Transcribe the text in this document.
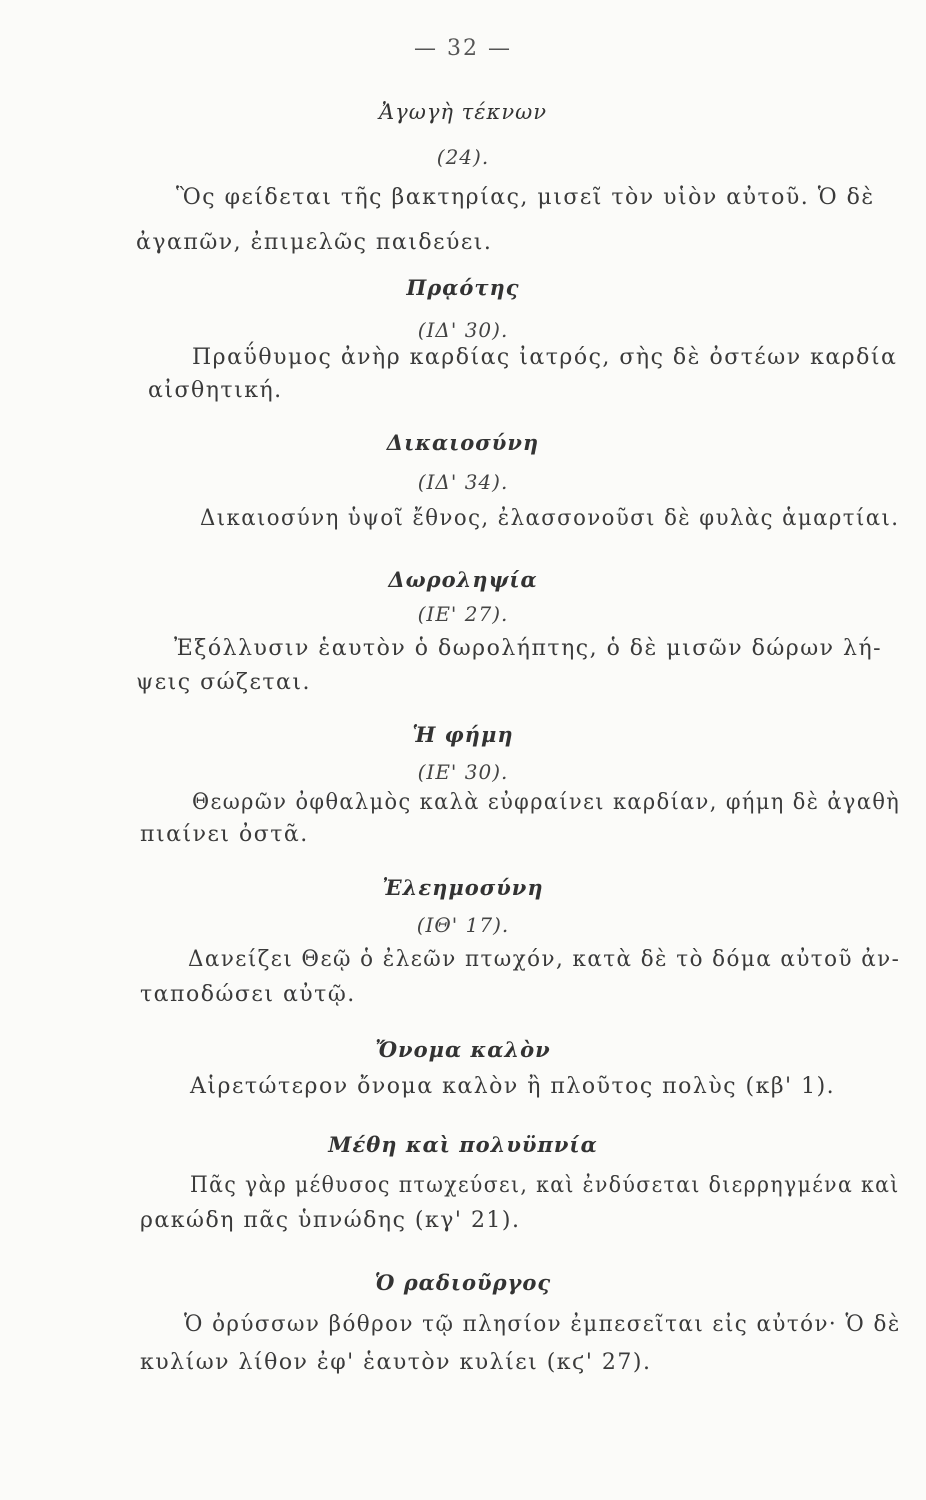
— 32 —
Ἀγωγὴ τέκνων
(24).
Ὃς φείδεται τῆς βακτηρίας, μισεῖ τὸν υἱὸν αὐτοῦ. Ὁ δὲ
ἀγαπῶν, ἐπιμελῶς παιδεύει.
Πρᾳότης
(ΙΔ' 30).
Πραΰθυμος ἀνὴρ καρδίας ἰατρός, σὴς δὲ ὀστέων καρδία
αἰσθητική.
Δικαιοσύνη
(ΙΔ' 34).
Δικαιοσύνη ὑψοῖ ἔθνος, ἐλασσονοῦσι δὲ φυλὰς ἁμαρτίαι.
Δωροληψία
(ΙΕ' 27).
Ἐξόλλυσιν ἑαυτὸν ὁ δωρολήπτης, ὁ δὲ μισῶν δώρων λή-
ψεις σώζεται.
Ἡ φήμη
(ΙΕ' 30).
Θεωρῶν ὀφθαλμὸς καλὰ εὐφραίνει καρδίαν, φήμη δὲ ἀγαθὴ
πιαίνει ὀστᾶ.
Ἐλεημοσύνη
(ΙΘ' 17).
Δανείζει Θεῷ ὁ ἐλεῶν πτωχόν, κατὰ δὲ τὸ δόμα αὐτοῦ ἀν-
ταποδώσει αὐτῷ.
Ὄνομα καλὸν
Αἱρετώτερον ὄνομα καλὸν ἢ πλοῦτος πολὺς (κβ' 1).
Μέθη καὶ πολυϋπνία
Πᾶς γὰρ μέθυσος πτωχεύσει, καὶ ἐνδύσεται διερρηγμένα καὶ
ρακώδη πᾶς ὑπνώδης (κγ' 21).
Ὁ ραδιοῦργος
Ὁ ὀρύσσων βόθρον τῷ πλησίον ἐμπεσεῖται εἰς αὐτόν· Ὁ δὲ
κυλίων λίθον ἐφ' ἑαυτὸν κυλίει (κϛ' 27).
